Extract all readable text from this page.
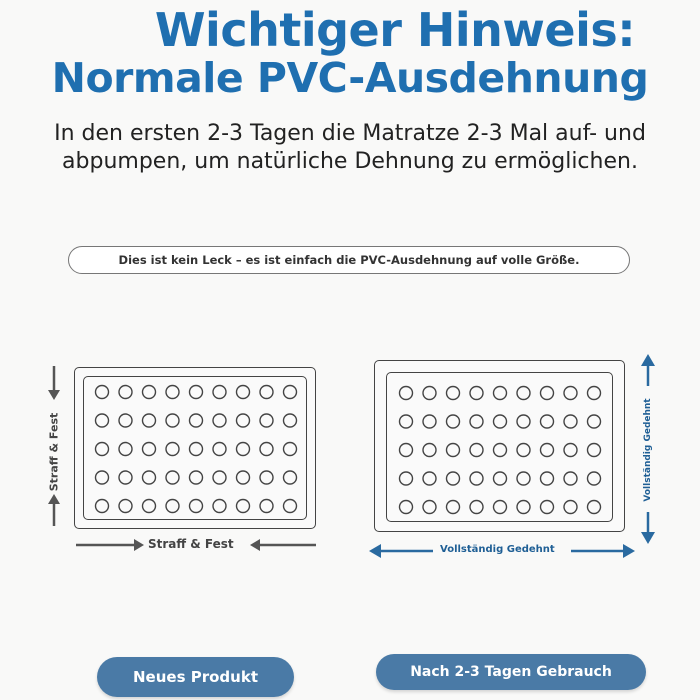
Wichtiger Hinweis:
Normale PVC-Ausdehnung
In den ersten 2-3 Tagen die Matratze 2-3 Mal auf- und abpumpen, um natürliche Dehnung zu ermöglichen.
Dies ist kein Leck – es ist einfach die PVC-Ausdehnung auf volle Größe.
Straff & Fest
Straff & Fest
Vollständig Gedehnt
Vollständig Gedehnt
Neues Produkt	Nach 2-3 Tagen Gebrauch
